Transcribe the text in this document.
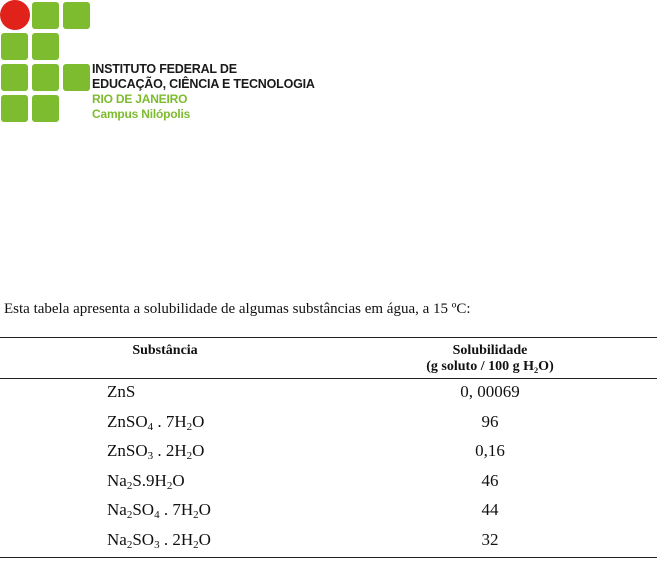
INSTITUTO FEDERAL DE
EDUCAÇÃO, CIÊNCIA E TECNOLOGIA
RIO DE JANEIRO
Campus Nilópolis
Esta tabela apresenta a solubilidade de algumas substâncias em água, a 15 ºC:
Substância	Solubilidade
(g soluto / 100 g H₂O)
ZnS	0, 00069
ZnSO$_4$ . $7H_2O$	96
ZnSO$_3$ . $2H_2O$	0,16
$Na_2S.9H_2O$	46
$Na_2SO_4$ . $7H_2O$	44
$Na_2SO_3$ . $2H_2O$	32
